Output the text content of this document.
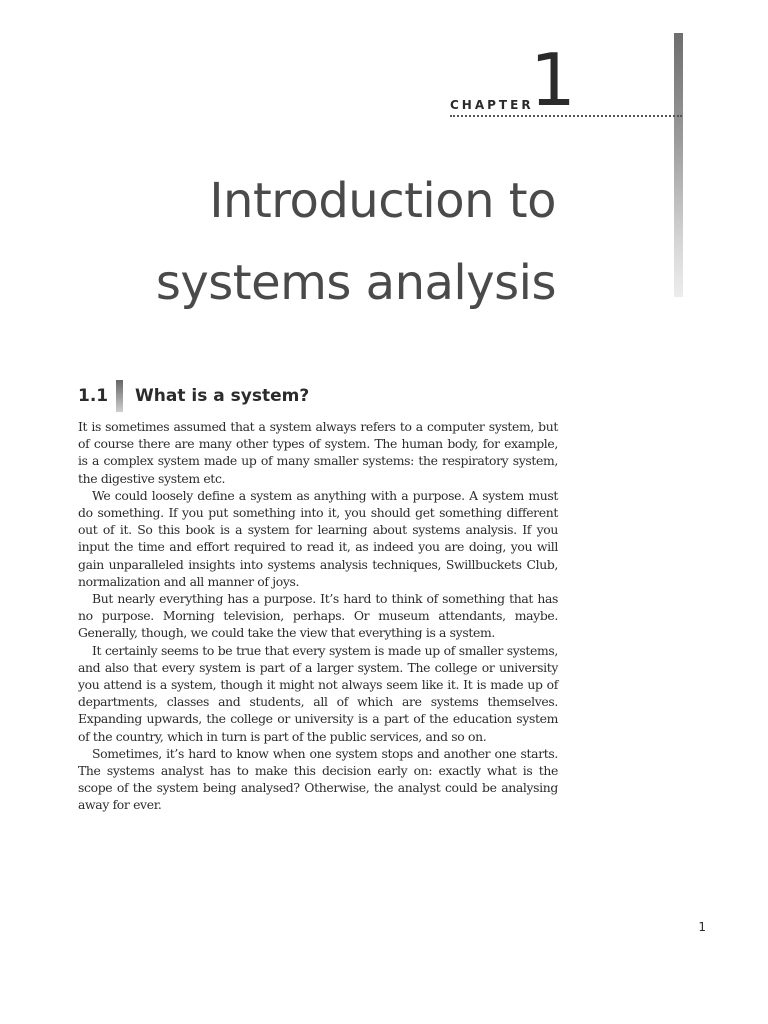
CHAPTER
1
Introduction to
systems analysis
1.1	What is a system?

It is sometimes assumed that a system always refers to a computer system, but of course there are many other types of system. The human body, for example, is a complex system made up of many smaller systems: the respiratory system, the digestive system etc.

We could loosely define a system as anything with a purpose. A system must do something. If you put something into it, you should get something different out of it. So this book is a system for learning about systems analysis. If you input the time and effort required to read it, as indeed you are doing, you will gain unparalleled insights into systems analysis techniques, Swillbuckets Club, normalization and all manner of joys.

But nearly everything has a purpose. It’s hard to think of something that has no purpose. Morning television, perhaps. Or museum attendants, maybe. Generally, though, we could take the view that everything is a system.

It certainly seems to be true that every system is made up of smaller systems, and also that every system is part of a larger system. The college or university you attend is a system, though it might not always seem like it. It is made up of departments, classes and students, all of which are systems themselves. Expanding upwards, the college or university is a part of the education system of the country, which in turn is part of the public services, and so on.

Sometimes, it’s hard to know when one system stops and another one starts. The systems analyst has to make this decision early on: exactly what is the scope of the system being analysed? Otherwise, the analyst could be analysing away for ever.

1
